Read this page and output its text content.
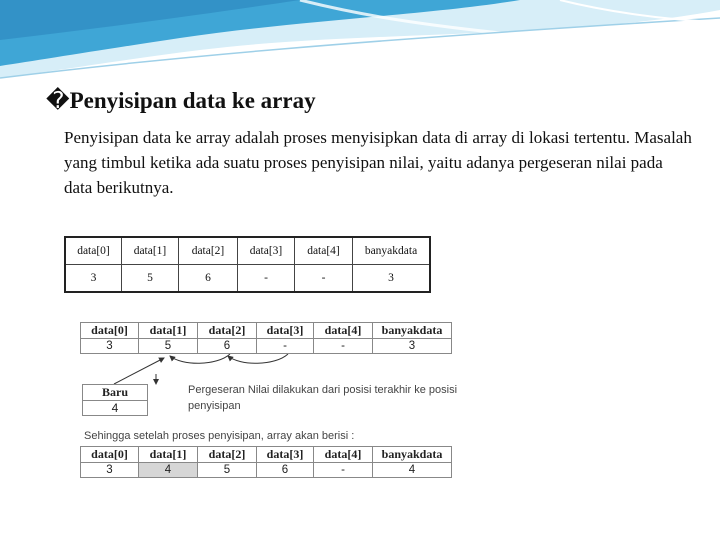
�Penyisipan data ke array

Penyisipan data ke array adalah proses menyisipkan data di array di lokasi tertentu. Masalah yang timbul ketika ada suatu proses penyisipan nilai, yaitu adanya pergeseran nilai pada data berikutnya.

data[0]	data[1]	data[2]	data[3]	data[4]	banyakdata
3	5	6	-	-	3
data[0]	data[1]	data[2]	data[3]	data[4]	banyakdata
3	5	6	-	-	3
Baru
4
Pergeseran Nilai dilakukan dari posisi terakhir ke posisi penyisipan
Sehingga setelah proses penyisipan, array akan berisi :
data[0]	data[1]	data[2]	data[3]	data[4]	banyakdata
3	4	5	6	-	4
